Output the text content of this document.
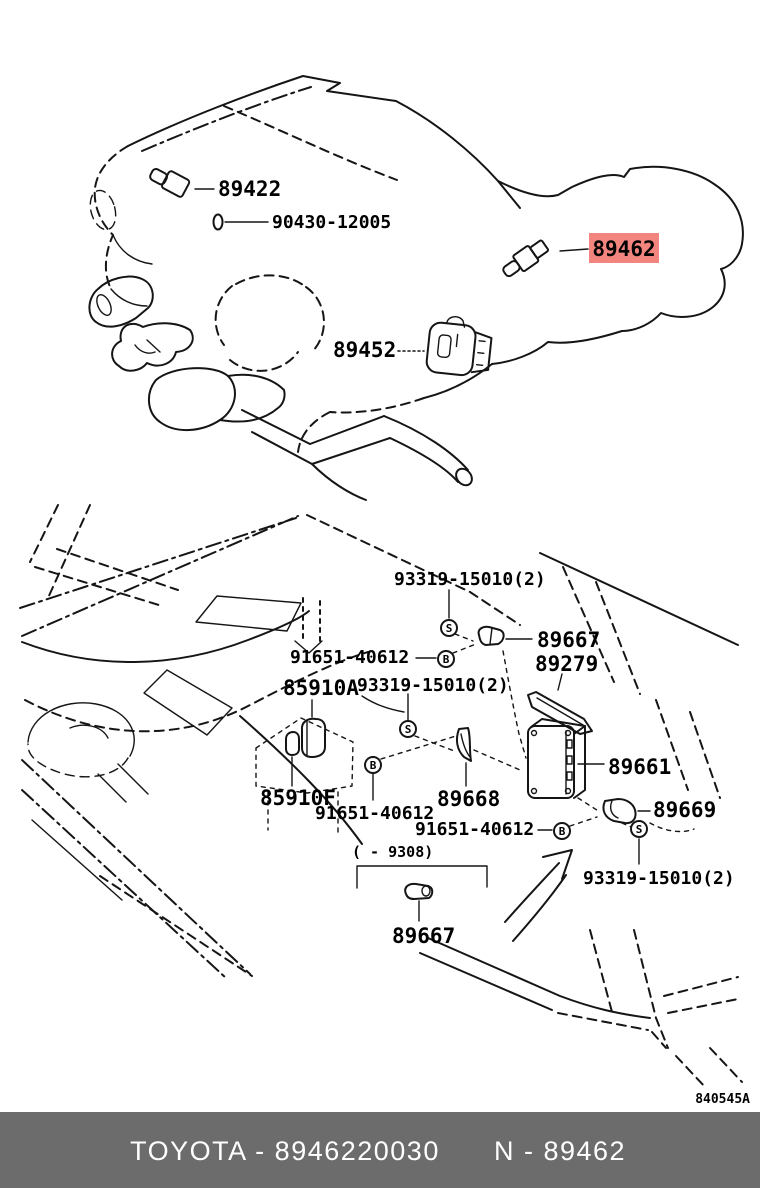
89422
90430-12005
89462
89452
S
B
S
B
B	S
93319-15010(2)
89667
91651-40612	89279
85910A
93319-15010(2)
89661
85910F
91651-40612
89668	89669
91651-40612
93319-15010(2)
( - 9308)
89667
840545A
TOYOTA - 8946220030 N - 89462
